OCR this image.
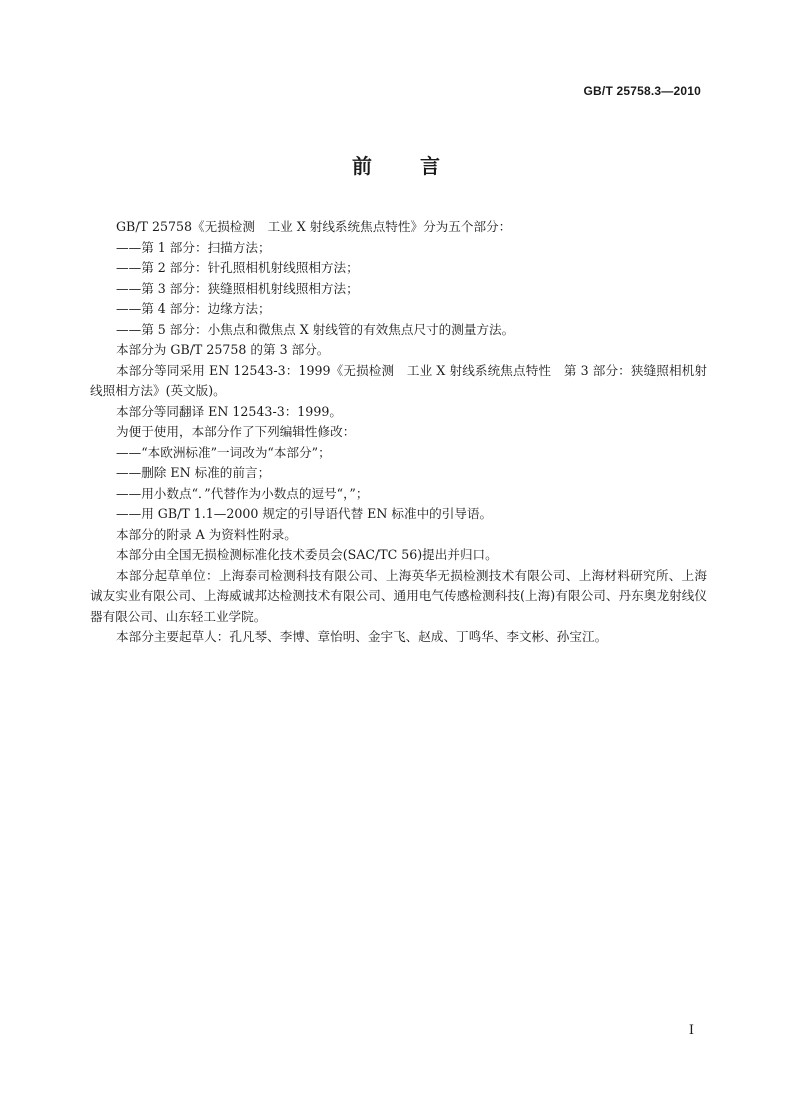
GB/T 25758.3—2010
前言

GB/T 25758《无损检测　工业 X 射线系统焦点特性》分为五个部分：

——第 1 部分：扫描方法；

——第 2 部分：针孔照相机射线照相方法；

——第 3 部分：狭缝照相机射线照相方法；

——第 4 部分：边缘方法；

——第 5 部分：小焦点和微焦点 X 射线管的有效焦点尺寸的测量方法。

本部分为 GB/T 25758 的第 3 部分。

本部分等同采用 EN 12543-3：1999《无损检测　工业 X 射线系统焦点特性　第 3 部分：狭缝照相机射线照相方法》(英文版)。

本部分等同翻译 EN 12543-3：1999。

为便于使用，本部分作了下列编辑性修改：

——“本欧洲标准”一词改为“本部分”；

——删除 EN 标准的前言；

——用小数点“．”代替作为小数点的逗号“，”；

——用 GB/T 1.1—2000 规定的引导语代替 EN 标准中的引导语。

本部分的附录 A 为资料性附录。

本部分由全国无损检测标准化技术委员会(SAC/TC 56)提出并归口。

本部分起草单位：上海泰司检测科技有限公司、上海英华无损检测技术有限公司、上海材料研究所、上海诚友实业有限公司、上海威诚邦达检测技术有限公司、通用电气传感检测科技(上海)有限公司、丹东奥龙射线仪器有限公司、山东轻工业学院。

本部分主要起草人：孔凡琴、李博、章怡明、金宇飞、赵成、丁鸣华、李文彬、孙宝江。

I
